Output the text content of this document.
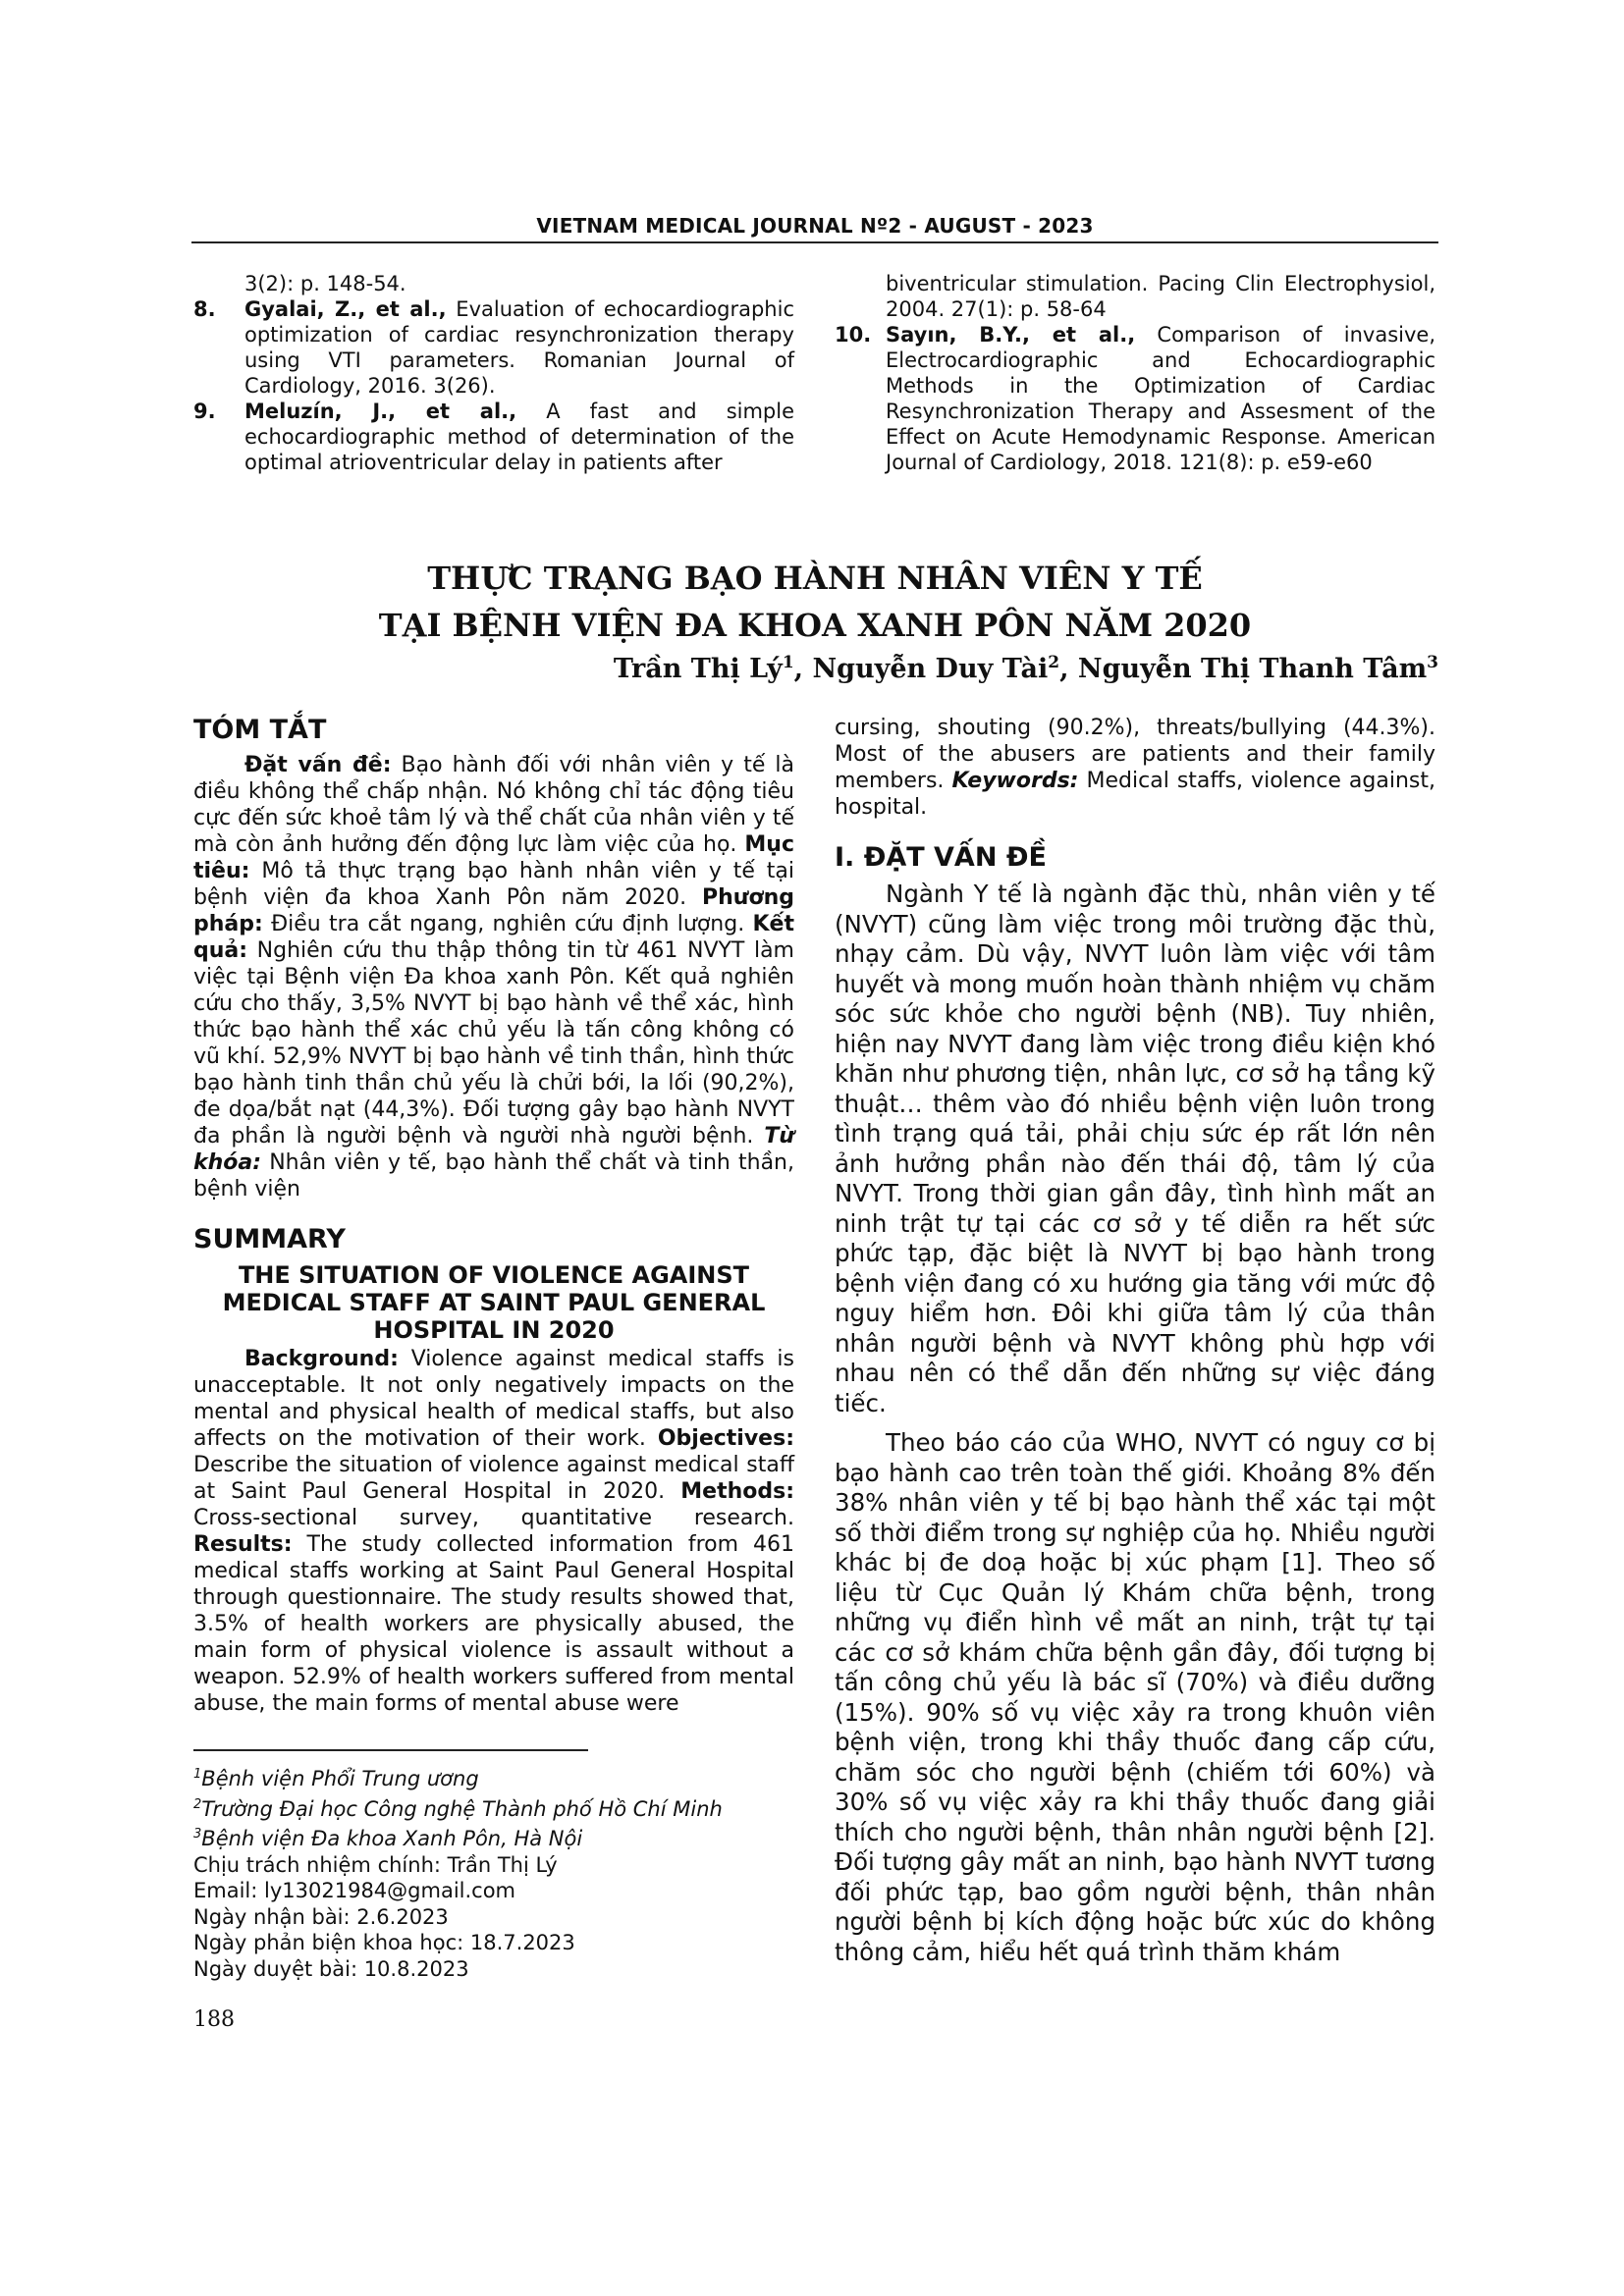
VIETNAM MEDICAL JOURNAL Nº2 - AUGUST - 2023

3(2): p. 148-54.

8. Gyalai, Z., et al., Evaluation of echocardiographic optimization of cardiac resynchronization therapy using VTI parameters. Romanian Journal of Cardiology, 2016. 3(26).

9. Meluzín, J., et al., A fast and simple echocardiographic method of determination of the optimal atrioventricular delay in patients after

biventricular stimulation. Pacing Clin Electrophysiol, 2004. 27(1): p. 58-64

10. Sayın, B.Y., et al., Comparison of invasive, Electrocardiographic and Echocardiographic Methods in the Optimization of Cardiac Resynchronization Therapy and Assesment of the Effect on Acute Hemodynamic Response. American Journal of Cardiology, 2018. 121(8): p. e59-e60

THỰC TRẠNG BẠO HÀNH NHÂN VIÊN Y TẾ
TẠI BỆNH VIỆN ĐA KHOA XANH PÔN NĂM 2020
Trần Thị $Lý^1$, Nguyễn Duy Tài$^2$, Nguyễn Thị Thanh Tâm$^3$
TÓM TẮT

Đặt vấn đề: Bạo hành đối với nhân viên y tế là điều không thể chấp nhận. Nó không chỉ tác động tiêu cực đến sức khoẻ tâm lý và thể chất của nhân viên y tế mà còn ảnh hưởng đến động lực làm việc của họ. Mục tiêu: Mô tả thực trạng bạo hành nhân viên y tế tại bệnh viện đa khoa Xanh Pôn năm 2020. Phương pháp: Điều tra cắt ngang, nghiên cứu định lượng. Kết quả: Nghiên cứu thu thập thông tin từ 461 NVYT làm việc tại Bệnh viện Đa khoa xanh Pôn. Kết quả nghiên cứu cho thấy, 3,5% NVYT bị bạo hành về thể xác, hình thức bạo hành thể xác chủ yếu là tấn công không có vũ khí. 52,9% NVYT bị bạo hành về tinh thần, hình thức bạo hành tinh thần chủ yếu là chửi bới, la lối (90,2%), đe dọa/bắt nạt (44,3%). Đối tượng gây bạo hành NVYT đa phần là người bệnh và người nhà người bệnh. Từ khóa: Nhân viên y tế, bạo hành thể chất và tinh thần, bệnh viện

SUMMARY

THE SITUATION OF VIOLENCE AGAINST MEDICAL STAFF AT SAINT PAUL GENERAL HOSPITAL IN 2020

Background: Violence against medical staffs is unacceptable. It not only negatively impacts on the mental and physical health of medical staffs, but also affects on the motivation of their work. Objectives: Describe the situation of violence against medical staff at Saint Paul General Hospital in 2020. Methods: Cross-sectional survey, quantitative research. Results: The study collected information from 461 medical staffs working at Saint Paul General Hospital through questionnaire. The study results showed that, 3.5% of health workers are physically abused, the main form of physical violence is assault without a weapon. 52.9% of health workers suffered from mental abuse, the main forms of mental abuse were

cursing, shouting (90.2%), threats/bullying (44.3%). Most of the abusers are patients and their family members. Keywords: Medical staffs, violence against, hospital.

I. ĐẶT VẤN ĐỀ

Ngành Y tế là ngành đặc thù, nhân viên y tế (NVYT) cũng làm việc trong môi trường đặc thù, nhạy cảm. Dù vậy, NVYT luôn làm việc với tâm huyết và mong muốn hoàn thành nhiệm vụ chăm sóc sức khỏe cho người bệnh (NB). Tuy nhiên, hiện nay NVYT đang làm việc trong điều kiện khó khăn như phương tiện, nhân lực, cơ sở hạ tầng kỹ thuật… thêm vào đó nhiều bệnh viện luôn trong tình trạng quá tải, phải chịu sức ép rất lớn nên ảnh hưởng phần nào đến thái độ, tâm lý của NVYT. Trong thời gian gần đây, tình hình mất an ninh trật tự tại các cơ sở y tế diễn ra hết sức phức tạp, đặc biệt là NVYT bị bạo hành trong bệnh viện đang có xu hướng gia tăng với mức độ nguy hiểm hơn. Đôi khi giữa tâm lý của thân nhân người bệnh và NVYT không phù hợp với nhau nên có thể dẫn đến những sự việc đáng tiếc.

Theo báo cáo của WHO, NVYT có nguy cơ bị bạo hành cao trên toàn thế giới. Khoảng 8% đến 38% nhân viên y tế bị bạo hành thể xác tại một số thời điểm trong sự nghiệp của họ. Nhiều người khác bị đe doạ hoặc bị xúc phạm [1]. Theo số liệu từ Cục Quản lý Khám chữa bệnh, trong những vụ điển hình về mất an ninh, trật tự tại các cơ sở khám chữa bệnh gần đây, đối tượng bị tấn công chủ yếu là bác sĩ (70%) và điều dưỡng (15%). 90% số vụ việc xảy ra trong khuôn viên bệnh viện, trong khi thầy thuốc đang cấp cứu, chăm sóc cho người bệnh (chiếm tới 60%) và 30% số vụ việc xảy ra khi thầy thuốc đang giải thích cho người bệnh, thân nhân người bệnh [2]. Đối tượng gây mất an ninh, bạo hành NVYT tương đối phức tạp, bao gồm người bệnh, thân nhân người bệnh bị kích động hoặc bức xúc do không thông cảm, hiểu hết quá trình thăm khám

$^1$Bệnh viện Phổi Trung ương

$^2$Trường Đại học Công nghệ Thành phố Hồ Chí Minh

$^3$Bệnh viện Đa khoa Xanh Pôn, Hà Nội

Chịu trách nhiệm chính: Trần Thị Lý

Email: ly13021984@gmail.com

Ngày nhận bài: 2.6.2023

Ngày phản biện khoa học: 18.7.2023

Ngày duyệt bài: 10.8.2023

188
